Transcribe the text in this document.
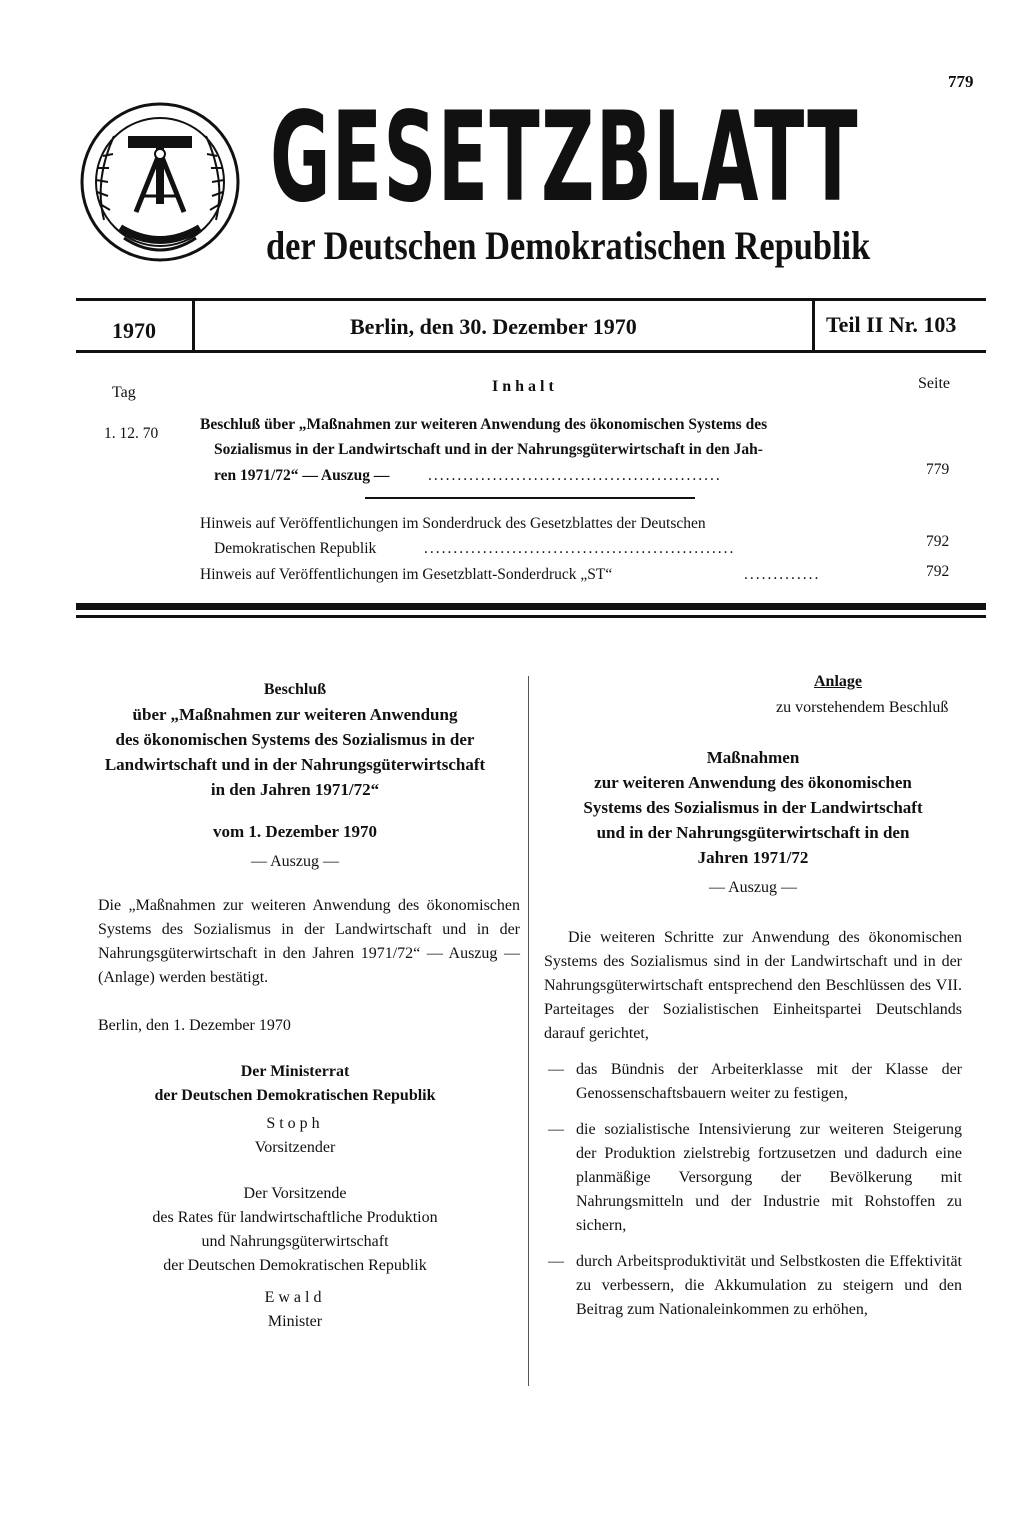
779
GESETZBLATT
der Deutschen Demokratischen Republik
1970	Berlin, den 30. Dezember 1970	Teil II Nr. 103
Tag	Inhalt	Seite
1. 12. 70
Beschluß über „Maßnahmen zur weiteren Anwendung des ökonomischen Systems des
Sozialismus in der Landwirtschaft und in der Nahrungsgüterwirtschaft in den Jah-
ren 1971/72“ — Auszug — ..................................................	779
Hinweis auf Veröffentlichungen im Sonderdruck des Gesetzblattes der Deutschen
Demokratischen Republik	.....................................................	792
Hinweis auf Veröffentlichungen im Gesetzblatt-Sonderdruck „ST“	.............	792

Beschluß

über „Maßnahmen zur weiteren Anwendung

des ökonomischen Systems des Sozialismus in der

Landwirtschaft und in der Nahrungsgüterwirtschaft

in den Jahren 1971/72“

vom 1. Dezember 1970

— Auszug —

Die „Maßnahmen zur weiteren Anwendung des ökonomischen Systems des Sozialismus in der Landwirtschaft und in der Nahrungsgüterwirtschaft in den Jahren 1971/72“ — Auszug — (Anlage) werden bestätigt.

Berlin, den 1. Dezember 1970

Der Ministerrat

der Deutschen Demokratischen Republik

Stoph

Vorsitzender

Der Vorsitzende

des Rates für landwirtschaftliche Produktion

und Nahrungsgüterwirtschaft

der Deutschen Demokratischen Republik

Ewald

Minister

Anlage

zu vorstehendem Beschluß

Maßnahmen

zur weiteren Anwendung des ökonomischen

Systems des Sozialismus in der Landwirtschaft

und in der Nahrungsgüterwirtschaft in den

Jahren 1971/72

— Auszug —

Die weiteren Schritte zur Anwendung des ökonomischen Systems des Sozialismus sind in der Landwirtschaft und in der Nahrungsgüterwirtschaft entsprechend den Beschlüssen des VII. Parteitages der Sozialistischen Einheitspartei Deutschlands darauf gerichtet,

— das Bündnis der Arbeiterklasse mit der Klasse der Genossenschaftsbauern weiter zu festigen,
— die sozialistische Intensivierung zur weiteren Steigerung der Produktion zielstrebig fortzusetzen und dadurch eine planmäßige Versorgung der Bevölkerung mit Nahrungsmitteln und der Industrie mit Rohstoffen zu sichern,
— durch Arbeitsproduktivität und Selbstkosten die Effektivität zu verbessern, die Akkumulation zu steigern und den Beitrag zum Nationaleinkommen zu erhöhen,
